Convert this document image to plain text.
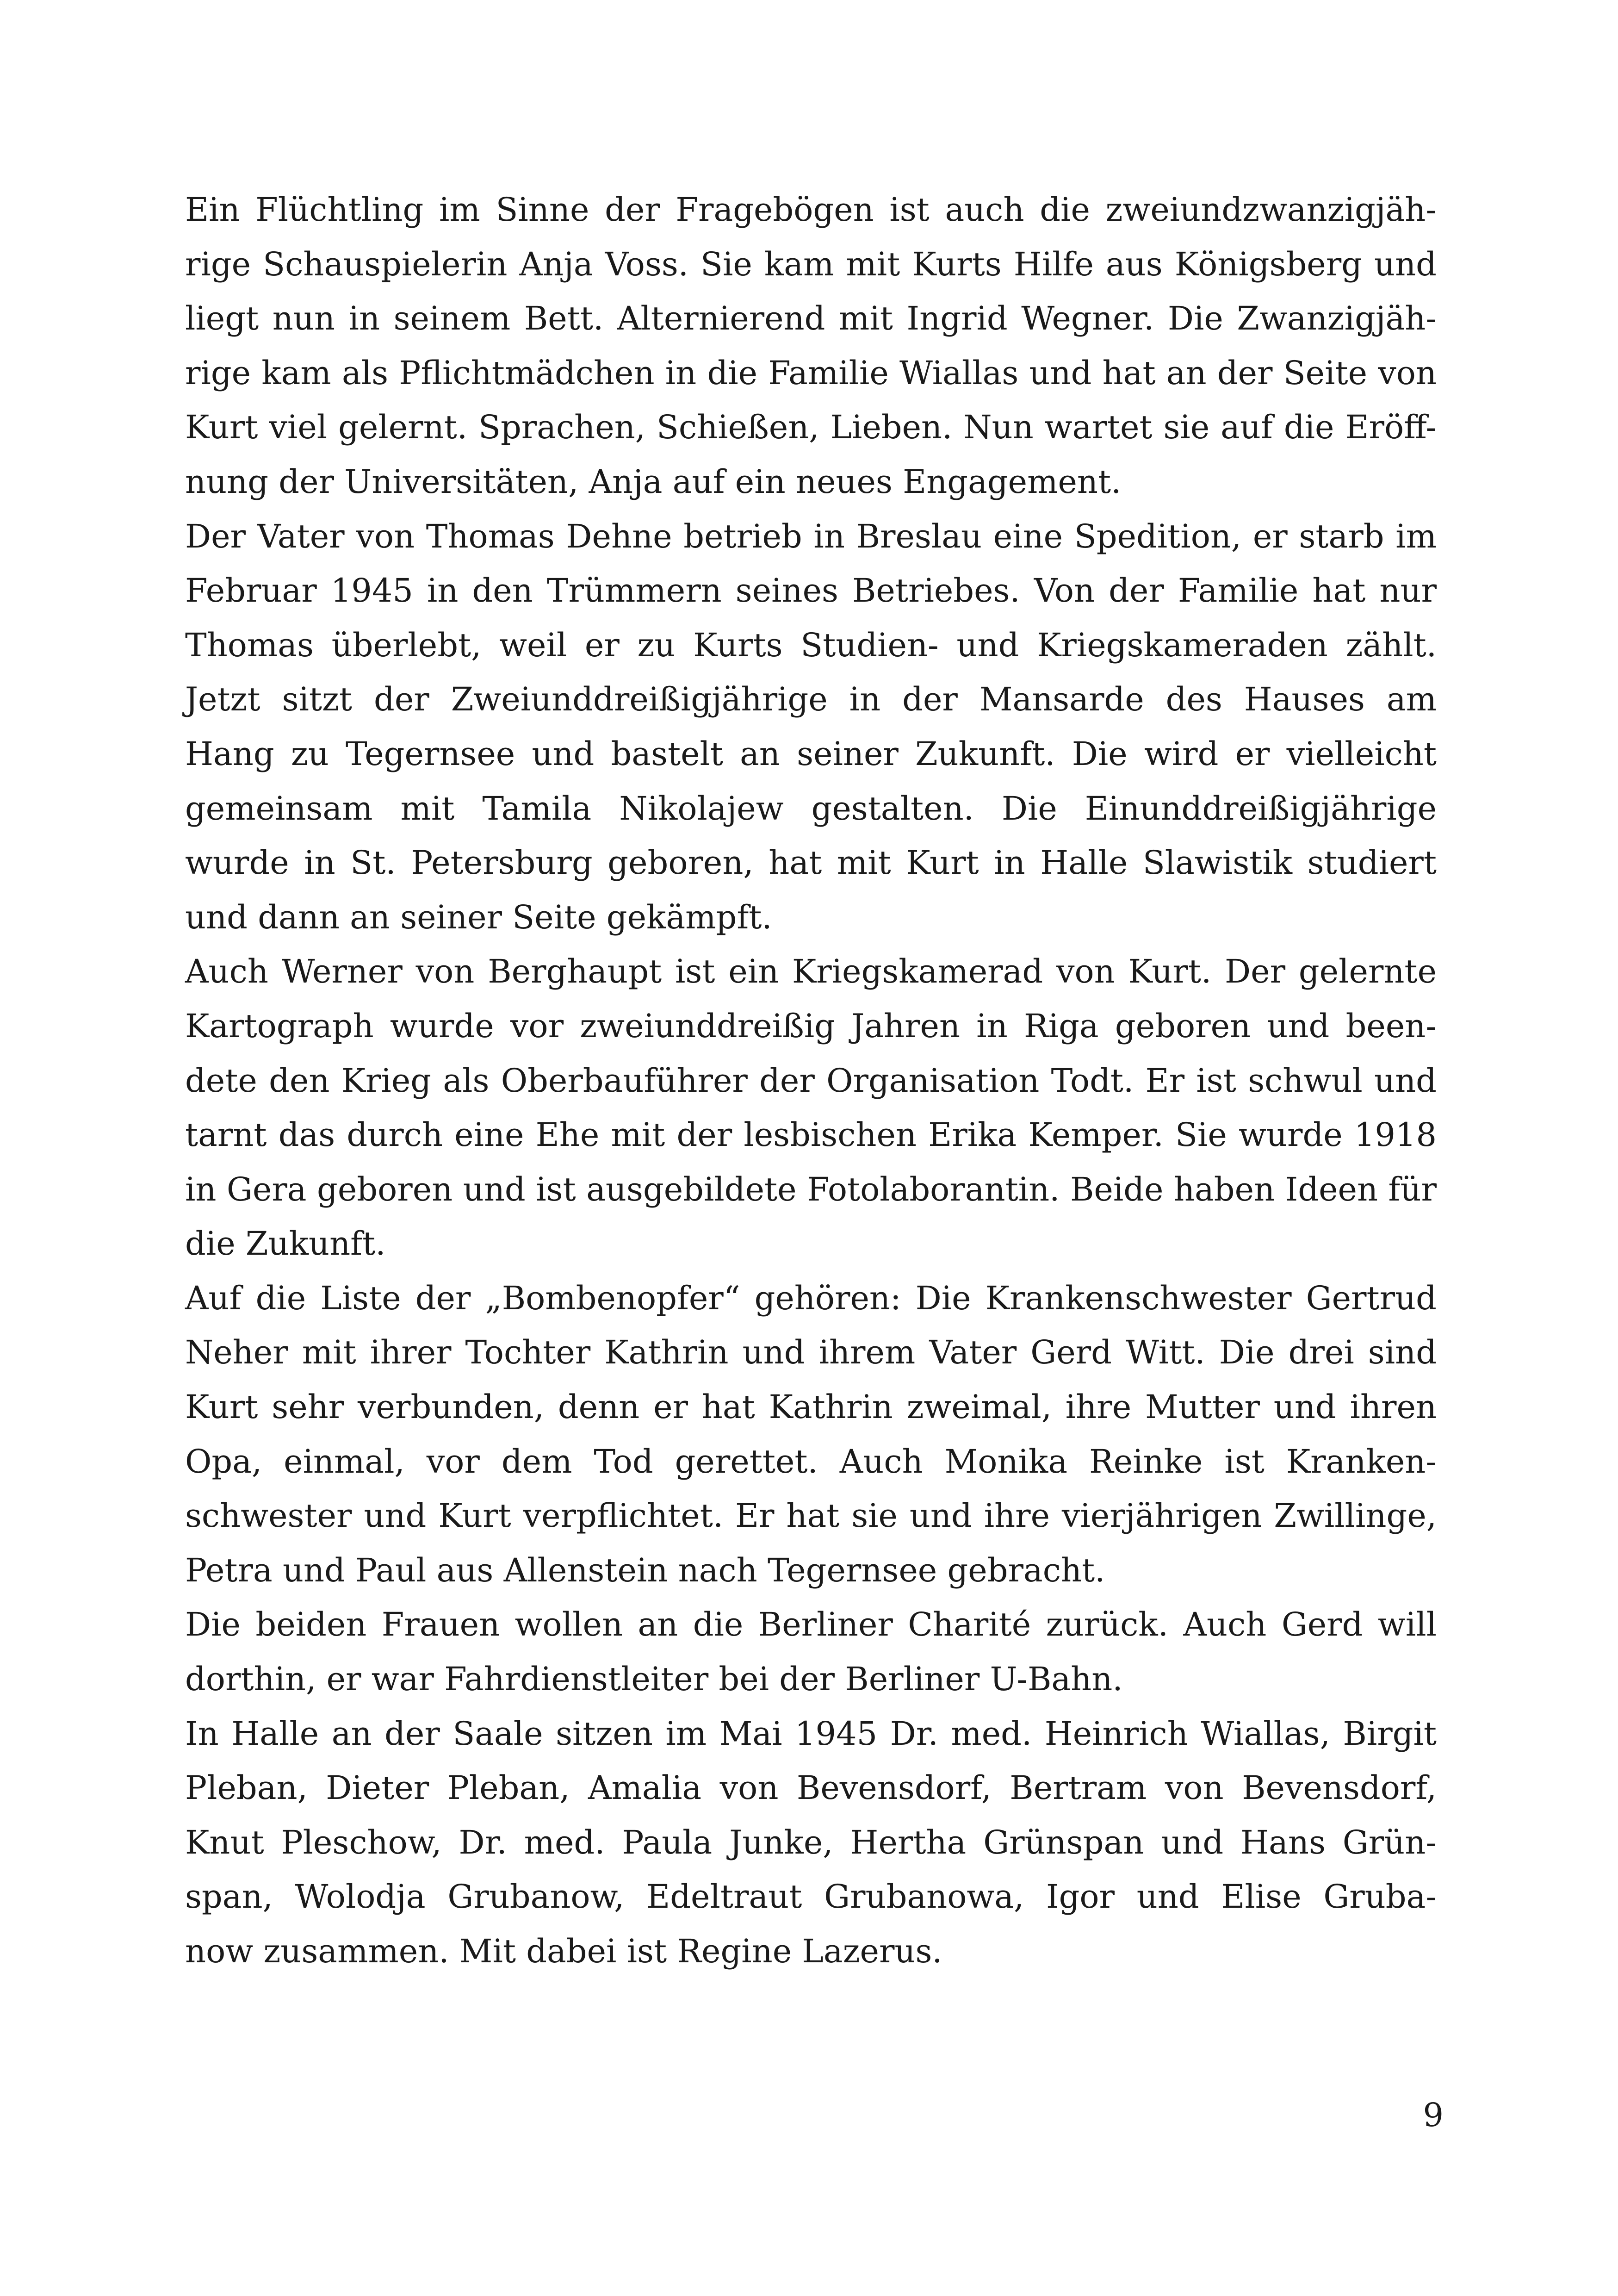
Ein Flüchtling im Sinne der Fragebögen ist auch die zweiundzwanzigjäh-
rige Schauspielerin Anja Voss. Sie kam mit Kurts Hilfe aus Königsberg und
liegt nun in seinem Bett. Alternierend mit Ingrid Wegner. Die Zwanzigjäh-
rige kam als Pflichtmädchen in die Familie Wiallas und hat an der Seite von
Kurt viel gelernt. Sprachen, Schießen, Lieben. Nun wartet sie auf die Eröff-
nung der Universitäten, Anja auf ein neues Engagement.
Der Vater von Thomas Dehne betrieb in Breslau eine Spedition, er starb im
Februar 1945 in den Trümmern seines Betriebes. Von der Familie hat nur
Thomas überlebt, weil er zu Kurts Studien- und Kriegskameraden zählt.
Jetzt sitzt der Zweiunddreißigjährige in der Mansarde des Hauses am
Hang zu Tegernsee und bastelt an seiner Zukunft. Die wird er vielleicht
gemeinsam mit Tamila Nikolajew gestalten. Die Einunddreißigjährige
wurde in St. Petersburg geboren, hat mit Kurt in Halle Slawistik studiert
und dann an seiner Seite gekämpft.
Auch Werner von Berghaupt ist ein Kriegskamerad von Kurt. Der gelernte
Kartograph wurde vor zweiunddreißig Jahren in Riga geboren und been-
dete den Krieg als Oberbauführer der Organisation Todt. Er ist schwul und
tarnt das durch eine Ehe mit der lesbischen Erika Kemper. Sie wurde 1918
in Gera geboren und ist ausgebildete Fotolaborantin. Beide haben Ideen für
die Zukunft.
Auf die Liste der „Bombenopfer“ gehören: Die Krankenschwester Gertrud
Neher mit ihrer Tochter Kathrin und ihrem Vater Gerd Witt. Die drei sind
Kurt sehr verbunden, denn er hat Kathrin zweimal, ihre Mutter und ihren
Opa, einmal, vor dem Tod gerettet. Auch Monika Reinke ist Kranken-
schwester und Kurt verpflichtet. Er hat sie und ihre vierjährigen Zwillinge,
Petra und Paul aus Allenstein nach Tegernsee gebracht.
Die beiden Frauen wollen an die Berliner Charité zurück. Auch Gerd will
dorthin, er war Fahrdienstleiter bei der Berliner U-Bahn.
In Halle an der Saale sitzen im Mai 1945 Dr. med. Heinrich Wiallas, Birgit
Pleban, Dieter Pleban, Amalia von Bevensdorf, Bertram von Bevensdorf,
Knut Pleschow, Dr. med. Paula Junke, Hertha Grünspan und Hans Grün-
span, Wolodja Grubanow, Edeltraut Grubanowa, Igor und Elise Gruba-
now zusammen. Mit dabei ist Regine Lazerus.
9
